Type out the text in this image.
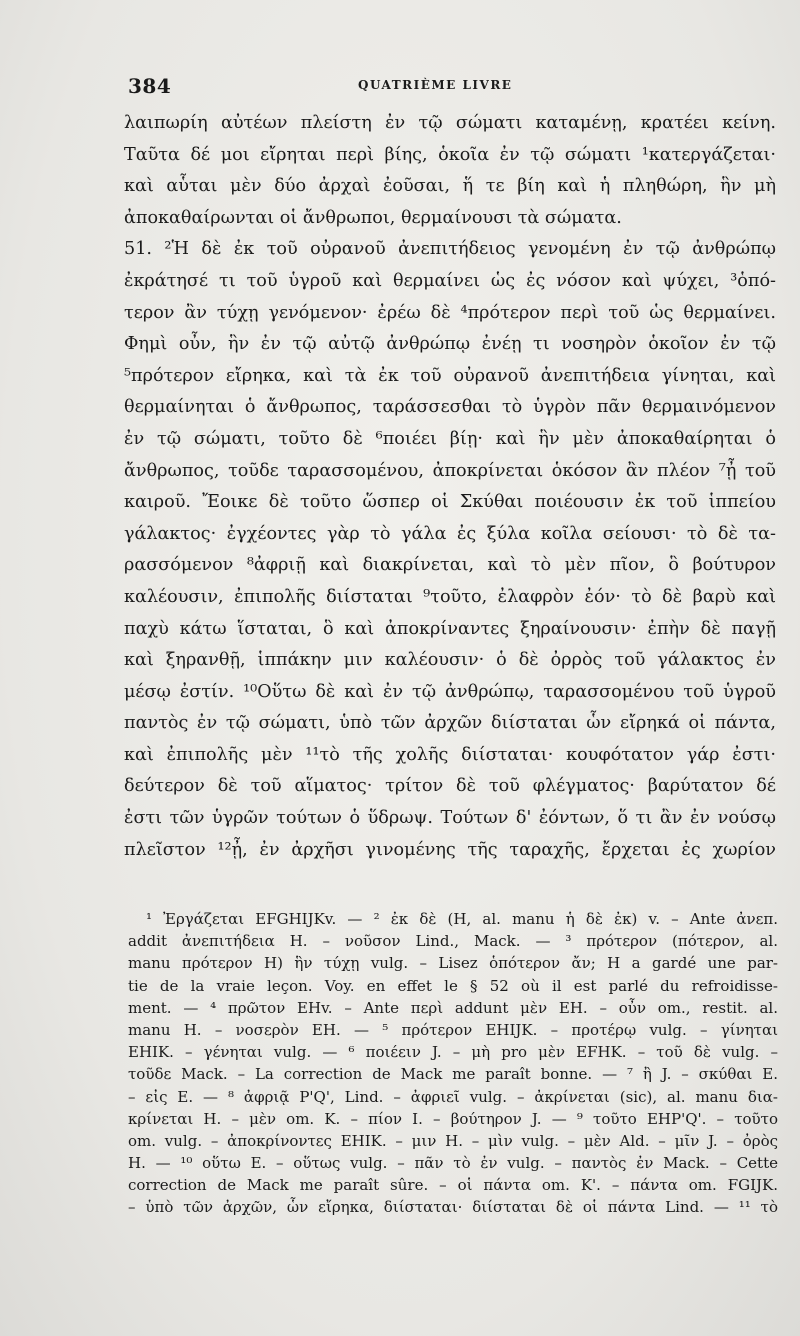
384	QUATRIÈME LIVRE
λαιπωρίη αὐτέων πλείστη ἐν τῷ σώματι καταμένῃ, κρατέει κείνη.
Ταῦτα δέ μοι εἴρηται περὶ βίης, ὁκοῖα ἐν τῷ σώματι ¹κατεργάζεται·
καὶ αὗται μὲν δύο ἀρχαὶ ἐοῦσαι, ἥ τε βίη καὶ ἡ πληθώρη, ἣν μὴ
ἀποκαθαίρωνται οἱ ἄνθρωποι, θερμαίνουσι τὰ σώματα.
51. ²Ἡ δὲ ἐκ τοῦ οὐρανοῦ ἀνεπιτήδειος γενομένη ἐν τῷ ἀνθρώπῳ
ἐκράτησέ τι τοῦ ὑγροῦ καὶ θερμαίνει ὡς ἐς νόσον καὶ ψύχει, ³ὁπό-
τερον ἂν τύχῃ γενόμενον· ἐρέω δὲ ⁴πρότερον περὶ τοῦ ὡς θερμαίνει.
Φημὶ οὖν, ἣν ἐν τῷ αὐτῷ ἀνθρώπῳ ἐνέῃ τι νοσηρὸν ὁκοῖον ἐν τῷ
⁵πρότερον εἴρηκα, καὶ τὰ ἐκ τοῦ οὐρανοῦ ἀνεπιτήδεια γίνηται, καὶ
θερμαίνηται ὁ ἄνθρωπος, ταράσσεσθαι τὸ ὑγρὸν πᾶν θερμαινόμενον
ἐν τῷ σώματι, τοῦτο δὲ ⁶ποιέει βίῃ· καὶ ἣν μὲν ἀποκαθαίρηται ὁ
ἄνθρωπος, τοῦδε ταρασσομένου, ἀποκρίνεται ὁκόσον ἂν πλέον ⁷ᾖ τοῦ
καιροῦ. Ἔοικε δὲ τοῦτο ὥσπερ οἱ Σκύθαι ποιέουσιν ἐκ τοῦ ἱππείου
γάλακτος· ἐγχέοντες γὰρ τὸ γάλα ἐς ξύλα κοῖλα σείουσι· τὸ δὲ τα-
ρασσόμενον ⁸ἀφριῇ καὶ διακρίνεται, καὶ τὸ μὲν πῖον, ὃ βούτυρον
καλέουσιν, ἐπιπολῆς διίσταται ⁹τοῦτο, ἐλαφρὸν ἐόν· τὸ δὲ βαρὺ καὶ
παχὺ κάτω ἵσταται, ὃ καὶ ἀποκρίναντες ξηραίνουσιν· ἐπὴν δὲ παγῇ
καὶ ξηρανθῇ, ἱππάκην μιν καλέουσιν· ὁ δὲ ὀρρὸς τοῦ γάλακτος ἐν
μέσῳ ἐστίν. ¹⁰Οὕτω δὲ καὶ ἐν τῷ ἀνθρώπῳ, ταρασσομένου τοῦ ὑγροῦ
παντὸς ἐν τῷ σώματι, ὑπὸ τῶν ἀρχῶν διίσταται ὧν εἴρηκά οἱ πάντα,
καὶ ἐπιπολῆς μὲν ¹¹τὸ τῆς χολῆς διίσταται· κουφότατον γάρ ἐστι·
δεύτερον δὲ τοῦ αἵματος· τρίτον δὲ τοῦ φλέγματος· βαρύτατον δέ
ἐστι τῶν ὑγρῶν τούτων ὁ ὕδρωψ. Τούτων δ' ἐόντων, ὅ τι ἂν ἐν νούσῳ
πλεῖστον ¹²ᾖ, ἐν ἀρχῆσι γινομένης τῆς ταραχῆς, ἔρχεται ἐς χωρίον
¹ Ἐργάζεται EFGHIJKv. — ² ἐκ δὲ (H, al. manu ἡ δὲ ἐκ) v. – Ante ἀνεπ.
addit ἀνεπιτήδεια H. – νοῦσον Lind., Mack. — ³ πρότερον (πότερον, al.
manu πρότερον H) ἣν τύχῃ vulg. – Lisez ὁπότερον ἄν; H a gardé une par-
tie de la vraie leçon. Voy. en effet le § 52 où il est parlé du refroidisse-
ment. — ⁴ πρῶτον EHv. – Ante περὶ addunt μὲν EH. – οὖν om., restit. al.
manu H. – νοσερὸν EH. — ⁵ πρότερον EHIJK. – προτέρῳ vulg. – γίνηται
EHIK. – γένηται vulg. — ⁶ ποιέειν J. – μὴ pro μὲν EFHK. – τοῦ δὲ vulg. –
τοῦδε Mack. – La correction de Mack me paraît bonne. — ⁷ ἢ J. – σκύθαι E.
– εἰς E. — ⁸ ἀφριᾷ P'Q', Lind. – ἀφριεῖ vulg. – ἀκρίνεται (sic), al. manu δια-
κρίνεται H. – μὲν om. K. – πίον I. – βούτηρον J. — ⁹ τοῦτο EHP'Q'. – τοῦτο
om. vulg. – ἀποκρίνοντες EHIK. – μιν H. – μὶν vulg. – μὲν Ald. – μῖν J. – ὀρὸς
H. — ¹⁰ οὕτω E. – οὕτως vulg. – πᾶν τὸ ἐν vulg. – παντὸς ἐν Mack. – Cette
correction de Mack me paraît sûre. – οἱ πάντα om. K'. – πάντα om. FGIJK.
– ὑπὸ τῶν ἀρχῶν, ὧν εἴρηκα, διίσταται· διίσταται δὲ οἱ πάντα Lind. — ¹¹ τὸ
